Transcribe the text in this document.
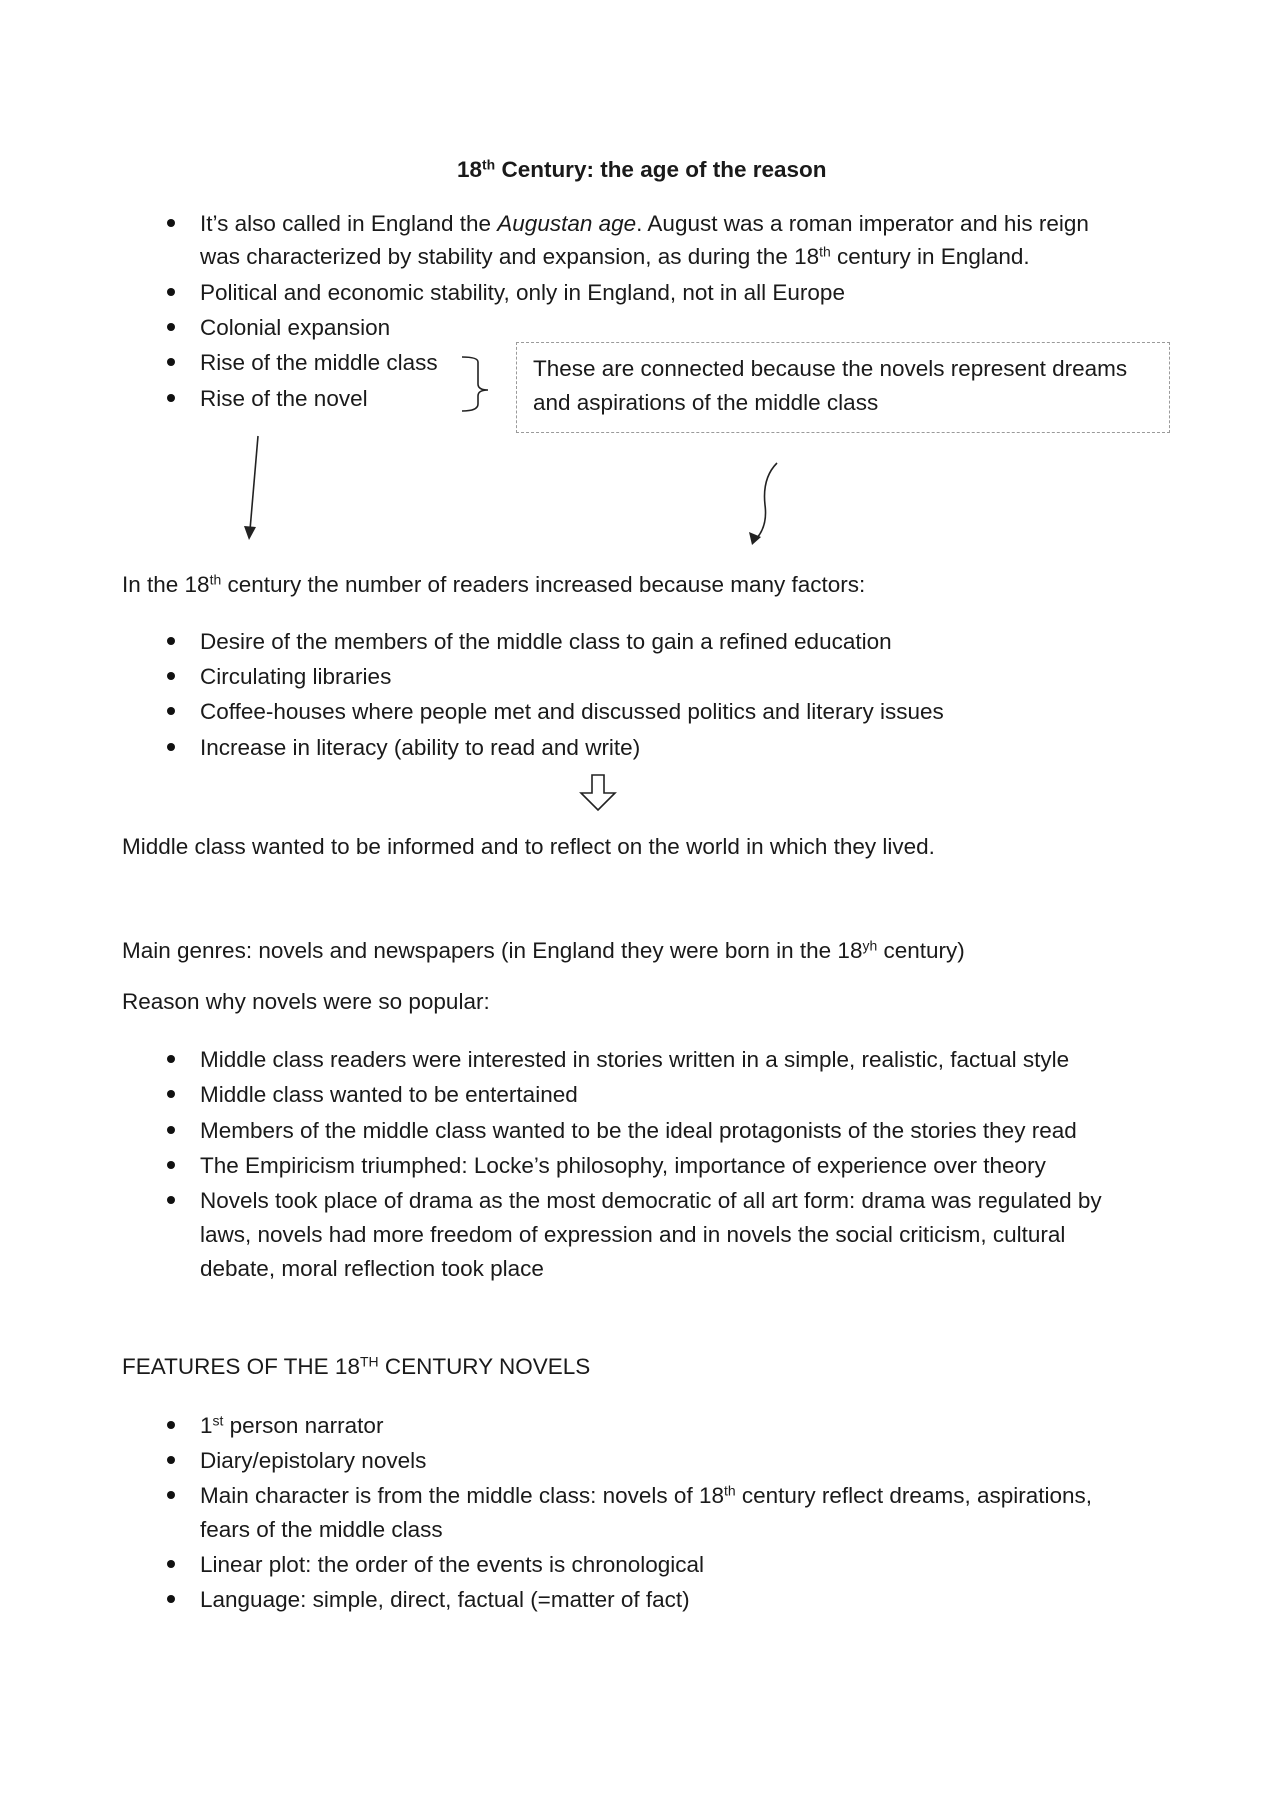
18th Century: the age of the reason
It’s also called in England the Augustan age. August was a roman imperator and his reign
was characterized by stability and expansion, as during the 18th century in England.
Political and economic stability, only in England, not in all Europe
Colonial expansion
Rise of the middle class
Rise of the novel
These are connected because the novels represent dreams
and aspirations of the middle class
In the 18th century the number of readers increased because many factors:
Desire of the members of the middle class to gain a refined education
Circulating libraries
Coffee-houses where people met and discussed politics and literary issues
Increase in literacy (ability to read and write)
Middle class wanted to be informed and to reflect on the world in which they lived.
Main genres: novels and newspapers (in England they were born in the $18^{yh}$ century)
Reason why novels were so popular:
Middle class readers were interested in stories written in a simple, realistic, factual style
Middle class wanted to be entertained
Members of the middle class wanted to be the ideal protagonists of the stories they read
The Empiricism triumphed: Locke’s philosophy, importance of experience over theory
Novels took place of drama as the most democratic of all art form: drama was regulated by
laws, novels had more freedom of expression and in novels the social criticism, cultural
debate, moral reflection took place
FEATURES OF THE 18TH CENTURY NOVELS
1st person narrator
Diary/epistolary novels
Main character is from the middle class: novels of 18th century reflect dreams, aspirations,
fears of the middle class
Linear plot: the order of the events is chronological
Language: simple, direct, factual (=matter of fact)
